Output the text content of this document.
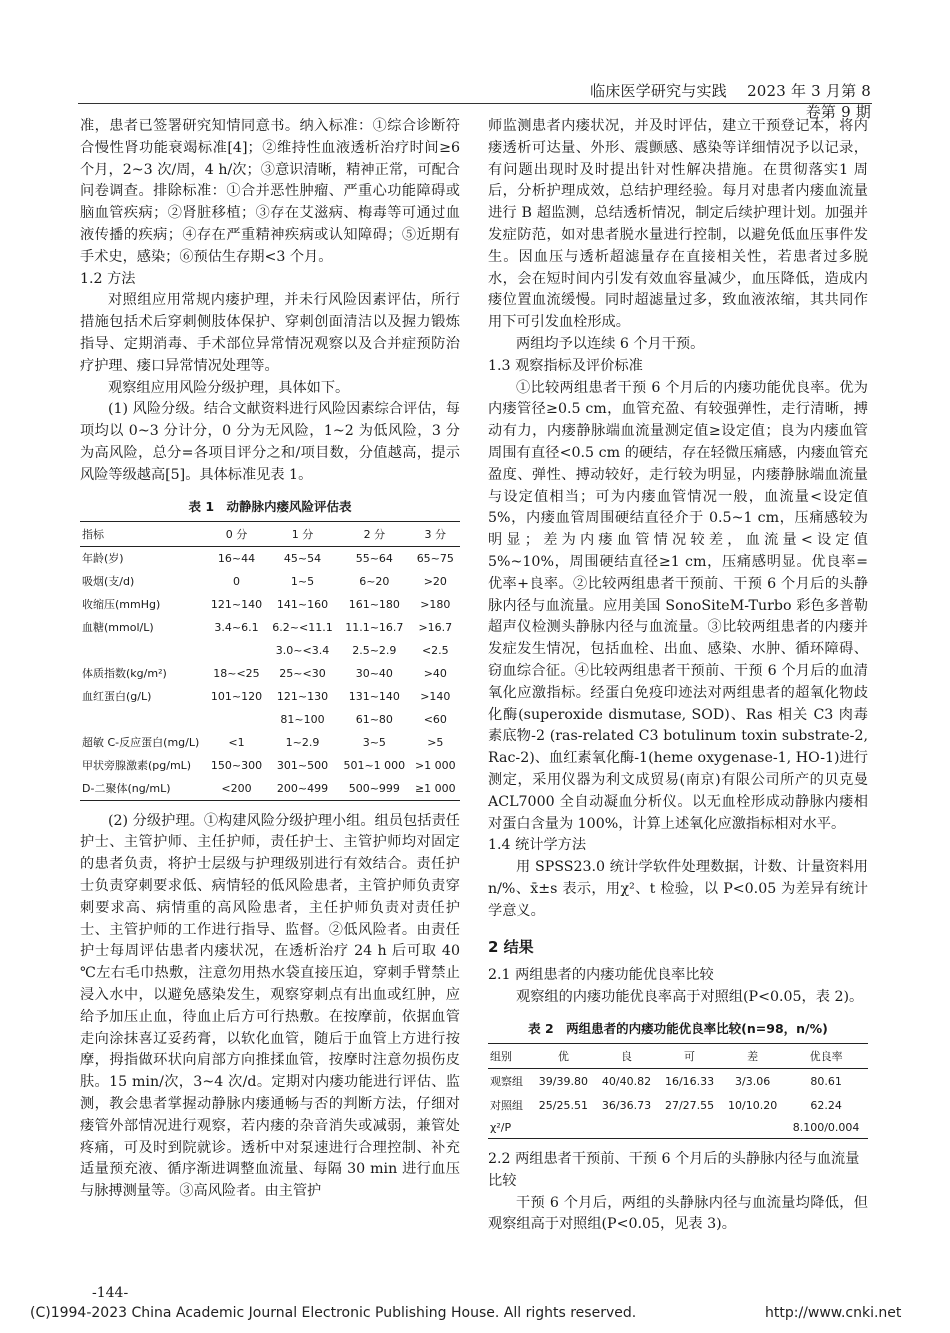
临床医学研究与实践　 2023 年 3 月第 8 卷第 9 期

准，患者已签署研究知情同意书。纳入标准：①综合诊断符合慢性肾功能衰竭标准[4]；②维持性血液透析治疗时间≥6 个月，2~3 次/周，4 h/次；③意识清晰，精神正常，可配合问卷调查。排除标准：①合并恶性肿瘤、严重心功能障碍或脑血管疾病；②肾脏移植；③存在艾滋病、梅毒等可通过血液传播的疾病；④存在严重精神疾病或认知障碍；⑤近期有手术史，感染；⑥预估生存期<3 个月。

1.2 方法

对照组应用常规内瘘护理，并未行风险因素评估，所行措施包括术后穿刺侧肢体保护、穿刺创面清洁以及握力锻炼指导、定期消毒、手术部位异常情况观察以及合并症预防治疗护理、瘘口异常情况处理等。

观察组应用风险分级护理，具体如下。

(1) 风险分级。结合文献资料进行风险因素综合评估，每项均以 0~3 分计分，0 分为无风险，1~2 为低风险，3 分为高风险，总分=各项目评分之和/项目数，分值越高，提示风险等级越高[5]。具体标准见表 1。

表 1　动静脉内瘘风险评估表
指标	0 分	1 分	2 分	3 分
年龄(岁)	16~44	45~54	55~64	65~75
吸烟(支/d)	0	1~5	6~20	>20
收缩压(mmHg)	121~140	141~160	161~180	>180
血糖(mmol/L)	3.4~6.1	6.2~<11.1	11.1~16.7	>16.7
		3.0~<3.4	2.5~2.9	<2.5
体质指数(kg/m²)	18~<25	25~<30	30~40	>40
血红蛋白(g/L)	101~120	121~130	131~140	>140
		81~100	61~80	<60
超敏 C-反应蛋白(mg/L)	<1	1~2.9	3~5	>5
甲状旁腺激素(pg/mL)	150~300	301~500	501~1 000	>1 000
D-二聚体(ng/mL)	<200	200~499	500~999	≥1 000

(2) 分级护理。①构建风险分级护理小组。组员包括责任护士、主管护师、主任护师，责任护士、主管护师均对固定的患者负责，将护士层级与护理级别进行有效结合。责任护士负责穿刺要求低、病情轻的低风险患者，主管护师负责穿刺要求高、病情重的高风险患者，主任护师负责对责任护士、主管护师的工作进行指导、监督。②低风险者。由责任护士每周评估患者内瘘状况，在透析治疗 24 h 后可取 40 ℃左右毛巾热敷，注意勿用热水袋直接压迫，穿刺手臂禁止浸入水中，以避免感染发生，观察穿刺点有出血或红肿，应给予加压止血，待血止后方可行热敷。在按摩前，依据血管走向涂抹喜辽妥药膏，以软化血管，随后于血管上方进行按摩，拇指做环状向肩部方向推揉血管，按摩时注意勿损伤皮肤。15 min/次，3~4 次/d。定期对内瘘功能进行评估、监测，教会患者掌握动静脉内瘘通畅与否的判断方法，仔细对瘘管外部情况进行观察，若内瘘的杂音消失或减弱，兼管处疼痛，可及时到院就诊。透析中对泵速进行合理控制、补充适量预充液、循序渐进调整血流量、每隔 30 min 进行血压与脉搏测量等。③高风险者。由主管护

师监测患者内瘘状况，并及时评估，建立干预登记本，将内瘘透析可达量、外形、震颤感、感染等详细情况予以记录，有问题出现时及时提出针对性解决措施。在贯彻落实1 周后，分析护理成效，总结护理经验。每月对患者内瘘血流量进行 B 超监测，总结透析情况，制定后续护理计划。加强并发症防范，如对患者脱水量进行控制，以避免低血压事件发生。因血压与透析超滤量存在直接相关性，若患者过多脱水，会在短时间内引发有效血容量减少，血压降低，造成内瘘位置血流缓慢。同时超滤量过多，致血液浓缩，其共同作用下可引发血栓形成。

两组均予以连续 6 个月干预。

1.3 观察指标及评价标准

①比较两组患者干预 6 个月后的内瘘功能优良率。优为内瘘管径≥0.5 cm，血管充盈、有较强弹性，走行清晰，搏动有力，内瘘静脉端血流量测定值≥设定值；良为内瘘血管周围有直径<0.5 cm 的硬结，存在轻微压痛感，内瘘血管充盈度、弹性、搏动较好，走行较为明显，内瘘静脉端血流量与设定值相当；可为内瘘血管情况一般，血流量<设定值 5%，内瘘血管周围硬结直径介于 0.5~1 cm，压痛感较为明显；差为内瘘血管情况较差，血流量<设定值 5%~10%，周围硬结直径≥1 cm，压痛感明显。优良率=优率+良率。②比较两组患者干预前、干预 6 个月后的头静脉内径与血流量。应用美国 SonoSiteM-Turbo 彩色多普勒超声仪检测头静脉内径与血流量。③比较两组患者的内瘘并发症发生情况，包括血栓、出血、感染、水肿、循环障碍、窃血综合征。④比较两组患者干预前、干预 6 个月后的血清氧化应激指标。经蛋白免疫印迹法对两组患者的超氧化物歧化酶(superoxide dismutase, SOD)、Ras 相关 C3 肉毒素底物-2 (ras-related C3 botulinum toxin substrate-2, Rac-2)、血红素氧化酶-1(heme oxygenase-1, HO-1)进行测定，采用仪器为利文成贸易(南京)有限公司所产的贝克曼 ACL7000 全自动凝血分析仪。以无血栓形成动静脉内瘘相对蛋白含量为 100%，计算上述氧化应激指标相对水平。

1.4 统计学方法

用 SPSS23.0 统计学软件处理数据，计数、计量资料用 n/%、x̄±s 表示，用χ²、t 检验，以 P<0.05 为差异有统计学意义。

2 结果
2.1 两组患者的内瘘功能优良率比较

观察组的内瘘功能优良率高于对照组(P<0.05，表 2)。

表 2　两组患者的内瘘功能优良率比较(n=98，n/%)
组别	优	良	可	差	优良率
观察组	39/39.80	40/40.82	16/16.33	3/3.06	80.61
对照组	25/25.51	36/36.73	27/27.55	10/10.20	62.24
χ²/P					8.100/0.004
2.2 两组患者干预前、干预 6 个月后的头静脉内径与血流量比较

干预 6 个月后，两组的头静脉内径与血流量均降低，但观察组高于对照组(P<0.05，见表 3)。

-144-
(C)1994-2023 China Academic Journal Electronic Publishing House. All rights reserved.	http://www.cnki.net
